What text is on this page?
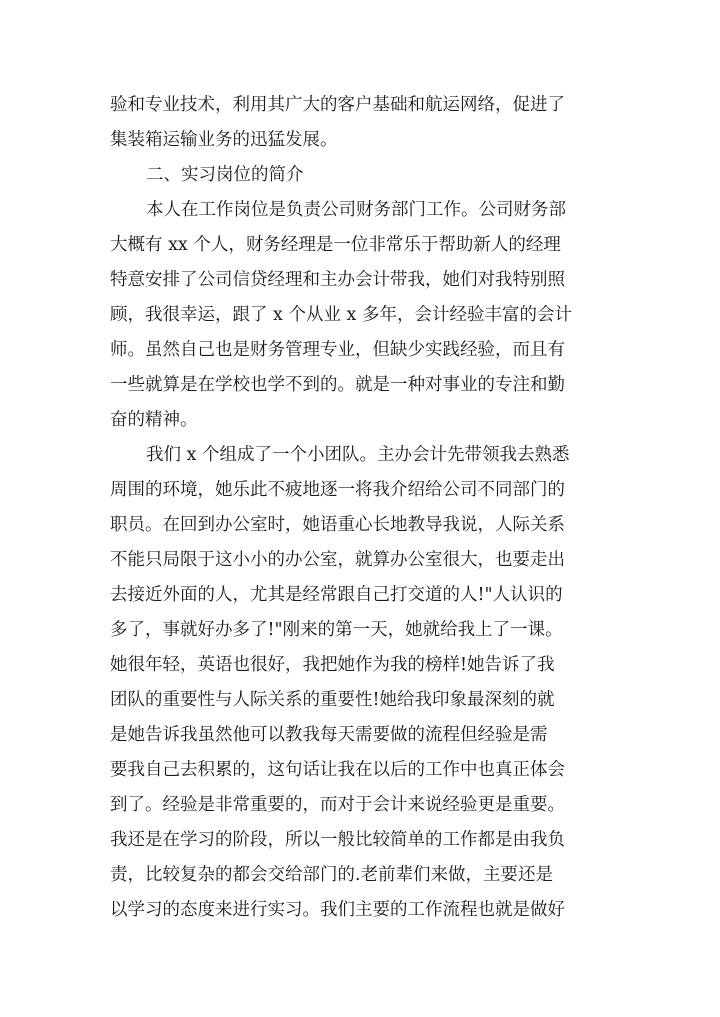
验和专业技术，利用其广大的客户基础和航运网络，促进了
集装箱运输业务的迅猛发展。
二、实习岗位的简介
本人在工作岗位是负责公司财务部门工作。公司财务部
大概有 xx 个人，财务经理是一位非常乐于帮助新人的经理
特意安排了公司信贷经理和主办会计带我，她们对我特别照
顾，我很幸运，跟了 x 个从业 x 多年，会计经验丰富的会计
师。虽然自己也是财务管理专业，但缺少实践经验，而且有
一些就算是在学校也学不到的。就是一种对事业的专注和勤
奋的精神。
我们 x 个组成了一个小团队。主办会计先带领我去熟悉
周围的环境，她乐此不疲地逐一将我介绍给公司不同部门的
职员。在回到办公室时，她语重心长地教导我说，人际关系
不能只局限于这小小的办公室，就算办公室很大，也要走出
去接近外面的人，尤其是经常跟自己打交道的人!"人认识的
多了，事就好办多了!"刚来的第一天，她就给我上了一课。
她很年轻，英语也很好，我把她作为我的榜样!她告诉了我
团队的重要性与人际关系的重要性!她给我印象最深刻的就
是她告诉我虽然他可以教我每天需要做的流程但经验是需
要我自己去积累的，这句话让我在以后的工作中也真正体会
到了。经验是非常重要的，而对于会计来说经验更是重要。
我还是在学习的阶段，所以一般比较简单的工作都是由我负
责，比较复杂的都会交给部门的.老前辈们来做，主要还是
以学习的态度来进行实习。我们主要的工作流程也就是做好
